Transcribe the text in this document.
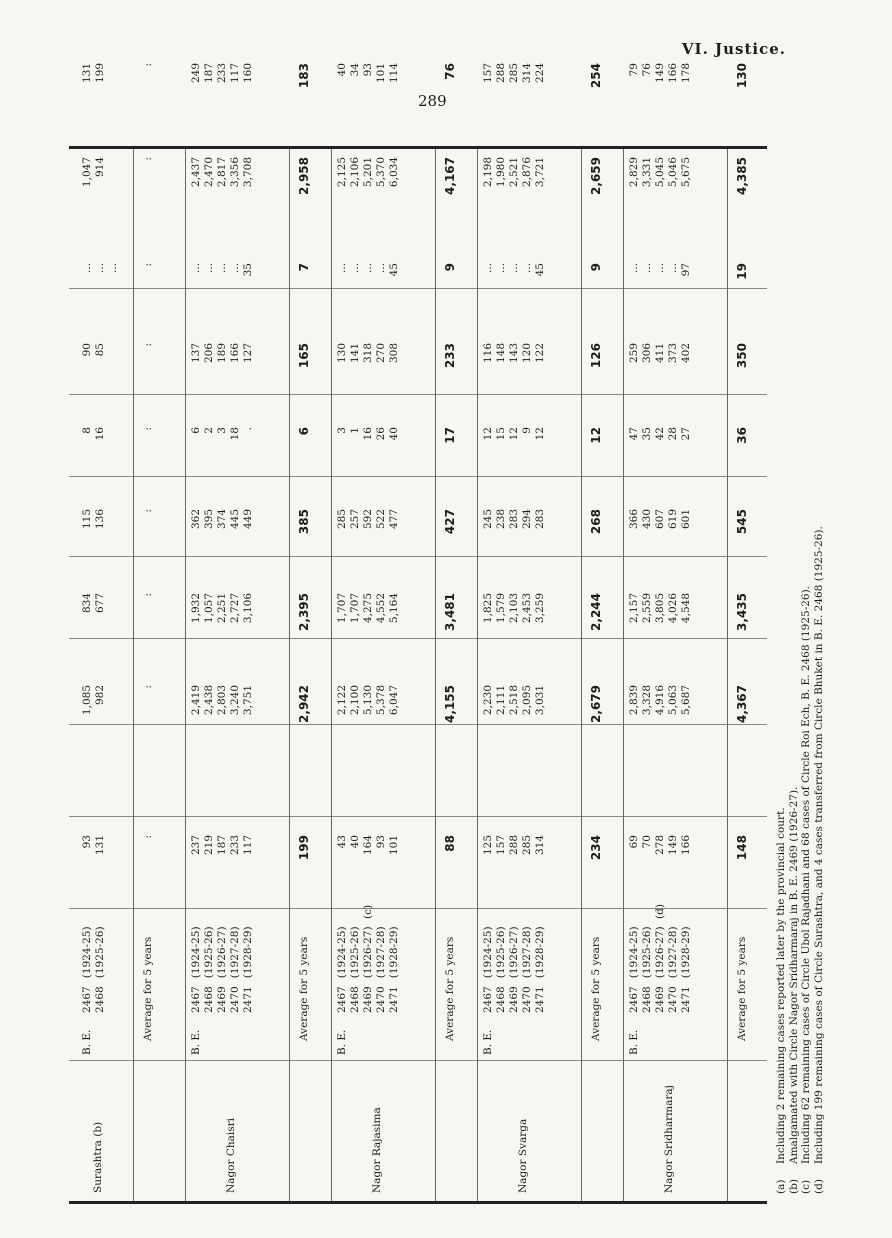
VI. Justice.
289
Surashtra (b)
B. E.
2467
(1924-25)
2468
(1925-26)
93 131
1,085 982
834 677
115 136
8 16
90 85
... ... ...
1,047 914
131 199
Average for 5 years
:
:
:
:
:
:
:
:
:
Nagor Chaisri
B. E.
2467
(1924-25)
2468
(1925-26)
2469
(1926-27)
2470
(1927-28)
2471
(1928-29)
237 219 187 233 117
2,419 2,438 2,803 3,240 3,751
1,932 1,057 2,251 2,727 3,106
362 395 374 445 449
6 2 3 18 .
137 206 189 166 127
... ... ... ... 35
2,437 2,470 2,817 3,356 3,708
249 187 233 117 160
Average for 5 years
199
2,942
2,395
385
6
165
7
2,958
183
Nagor Rajasima
B. E.
2467
(1924-25)
2468
(1925-26)
2469
(1926-27)
2470
(1927-28)
2471
(1928-29)
(c)
43 40 164 93 101
2,122 2,100 5,130 5,378 6,047
1,707 1,707 4,275 4,552 5,164
285 257 592 522 477
3 1 16 26 40
130 141 318 270 308
... ... ... ... 45
2,125 2,106 5,201 5,370 6,034
40 34 93 101 114
Average for 5 years
88
4,155
3,481
427
17
233
9
4,167
76
Nagor Svarga
B. E.
2467
(1924-25)
2468
(1925-26)
2469
(1926-27)
2470
(1927-28)
2471
(1928-29)
125 157 288 285 314
2,230 2,111 2,518 2,095 3,031
1,825 1,579 2,103 2,453 3,259
245 238 283 294 283
12 15 12 9 12
116 148 143 120 122
... ... ... ... 45
2,198 1,980 2,521 2,876 3,721
157 288 285 314 224
Average for 5 years
234
2,679
2,244
268
12
126
9
2,659
254
Nagor Sridharmaraj
B. E.
2467
(1924-25)
2468
(1925-26)
2469
(1926-27)
2470
(1927-28)
2471
(1928-29)
(d)
69 70 278 149 166
2,839 3,328 4,916 5,063 5,687
2,157 2,559 3,805 4,026 4,548
366 430 607 619 601
47 35 42 28 27
259 306 411 373 402
... ... ... ... 97
2,829 3,331 5,045 5,046 5,675
79 76 149 166 178
Average for 5 years
148
4,367
3,435
545
36
350
19
4,385
130
(a)
Including 2 remaining cases reported later by the provincial court.
(b)
Amalgamated with Circle Nagor Sridharmaraj in B. E. 2469 (1926-27).
(c)
Including 62 remaining cases of Circle Ubol Rajadhani and 68 cases of Circle Roi Ech, B. E. 2468 (1925-26).
(d)
Including 199 remaining cases of Circle Surashtra, and 4 cases transferred from Circle Bhuket in B. E. 2468 (1925-26).
